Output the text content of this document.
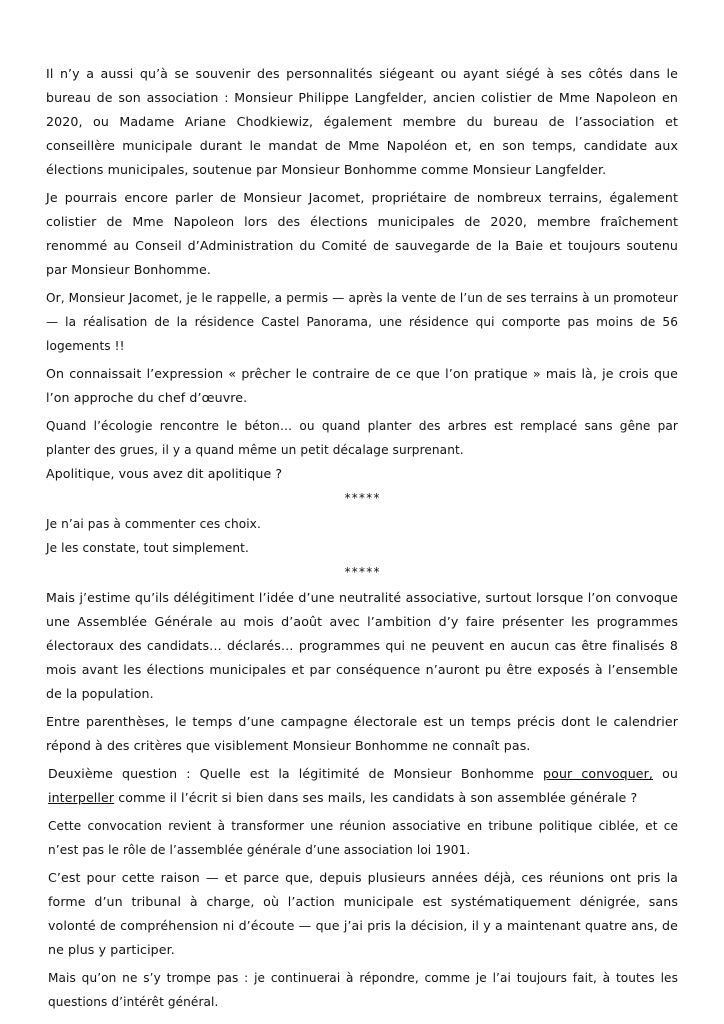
Il n’y a aussi qu’à se souvenir des personnalités siégeant ou ayant siégé à ses côtés dans le bureau de son association : Monsieur Philippe Langfelder, ancien colistier de Mme Napoleon en 2020, ou Madame Ariane Chodkiewiz, également membre du bureau de l’association et conseillère municipale durant le mandat de Mme Napoléon et, en son temps, candidate aux élections municipales, soutenue par Monsieur Bonhomme comme Monsieur Langfelder.

Je pourrais encore parler de Monsieur Jacomet, propriétaire de nombreux terrains, également colistier de Mme Napoleon lors des élections municipales de 2020, membre fraîchement renommé au Conseil d’Administration du Comité de sauvegarde de la Baie et toujours soutenu par Monsieur Bonhomme.

Or, Monsieur Jacomet, je le rappelle, a permis — après la vente de l’un de ses terrains à un promoteur — la réalisation de la résidence Castel Panorama, une résidence qui comporte pas moins de 56 logements !!

On connaissait l’expression « prêcher le contraire de ce que l’on pratique » mais là, je crois que l’on approche du chef d’œuvre.

Quand l’écologie rencontre le béton… ou quand planter des arbres est remplacé sans gêne par planter des grues, il y a quand même un petit décalage surprenant.

Apolitique, vous avez dit apolitique ?

*****

Je n’ai pas à commenter ces choix.

Je les constate, tout simplement.

*****

Mais j’estime qu’ils délégitiment l’idée d’une neutralité associative, surtout lorsque l’on convoque une Assemblée Générale au mois d’août avec l’ambition d’y faire présenter les programmes électoraux des candidats… déclarés… programmes qui ne peuvent en aucun cas être finalisés 8 mois avant les élections municipales et par conséquence n’auront pu être exposés à l’ensemble de la population.

Entre parenthèses, le temps d’une campagne électorale est un temps précis dont le calendrier répond à des critères que visiblement Monsieur Bonhomme ne connaît pas.

Deuxième question : Quelle est la légitimité de Monsieur Bonhomme pour convoquer, ou interpeller comme il l’écrit si bien dans ses mails, les candidats à son assemblée générale ?

Cette convocation revient à transformer une réunion associative en tribune politique ciblée, et ce n’est pas le rôle de l’assemblée générale d’une association loi 1901.

C’est pour cette raison — et parce que, depuis plusieurs années déjà, ces réunions ont pris la forme d’un tribunal à charge, où l’action municipale est systématiquement dénigrée, sans volonté de compréhension ni d’écoute — que j’ai pris la décision, il y a maintenant quatre ans, de ne plus y participer.

Mais qu’on ne s’y trompe pas : je continuerai à répondre, comme je l’ai toujours fait, à toutes les questions d’intérêt général.
